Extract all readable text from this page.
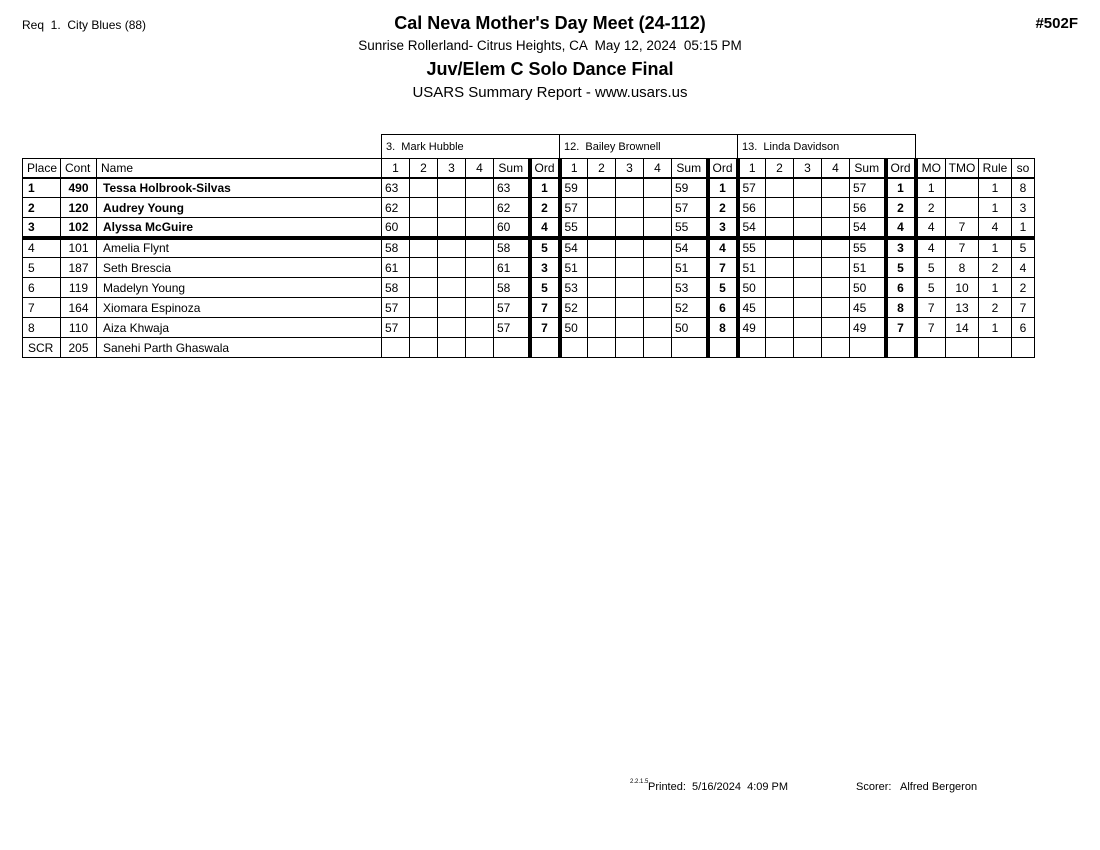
Req  1.  City Blues (88)	#502F
Cal Neva Mother's Day Meet (24-112)
Sunrise Rollerland- Citrus Heights, CA  May 12, 2024  05:15 PM
Juv/Elem C Solo Dance Final
USARS Summary Report - www.usars.us
			3.  Mark Hubble						12.  Bailey Brownell						13.  Linda Davidson									
Place	Cont	Name	1	2	3	4	Sum	Ord	1	2	3	4	Sum	Ord	1	2	3	4	Sum	Ord	MO	TMO	Rule	so
1	490	Tessa Holbrook-Silvas	63				63	1	59				59	1	57				57	1	1		1	8
2	120	Audrey Young	62				62	2	57				57	2	56				56	2	2		1	3
3	102	Alyssa McGuire	60				60	4	55				55	3	54				54	4	4	7	4	1
4	101	Amelia Flynt	58				58	5	54				54	4	55				55	3	4	7	1	5
5	187	Seth Brescia	61				61	3	51				51	7	51				51	5	5	8	2	4
6	119	Madelyn Young	58				58	5	53				53	5	50				50	6	5	10	1	2
7	164	Xiomara Espinoza	57				57	7	52				52	6	45				45	8	7	13	2	7
8	110	Aiza Khwaja	57				57	7	50				50	8	49				49	7	7	14	1	6
SCR	205	Sanehi Parth Ghaswala																						
2.2.1.5 Printed: 5/16/2024  4:09 PM	Scorer: Alfred Bergeron
